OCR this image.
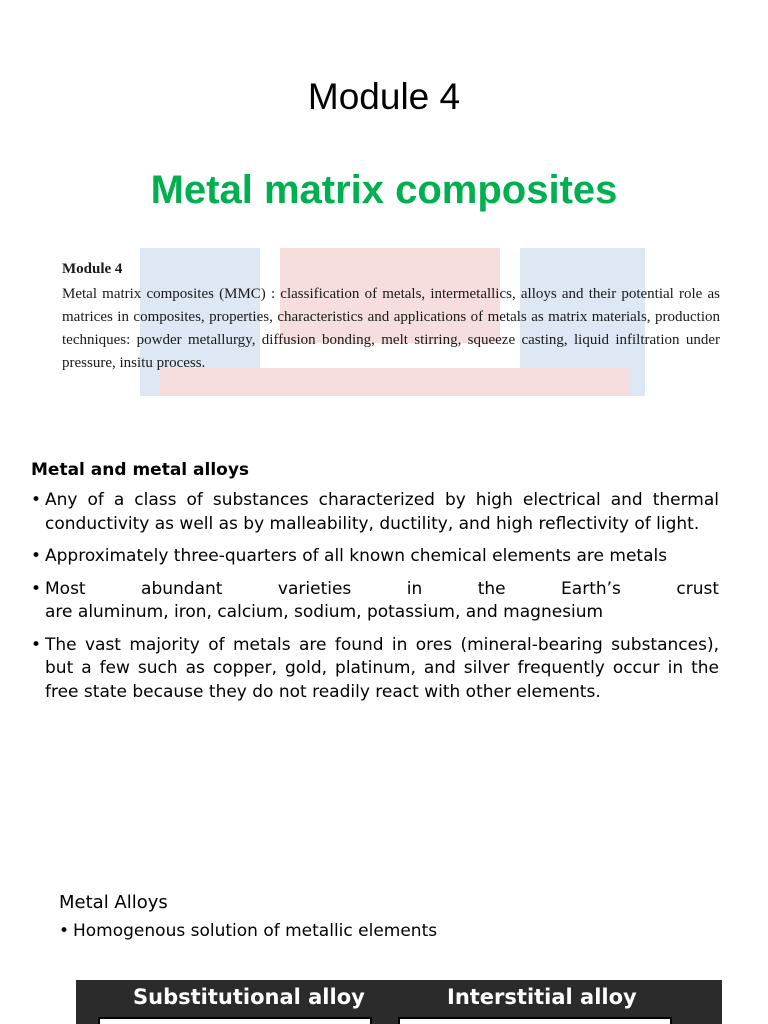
Module 4
Metal matrix composites
Module 4
Metal matrix composites (MMC) : classification of metals, intermetallics, alloys and their potential role as matrices in composites, properties, characteristics and applications of metals as matrix materials, production techniques: powder metallurgy, diffusion bonding, melt stirring, squeeze casting, liquid infiltration under pressure, insitu process.
Metal and metal alloys
• Any of a class of substances characterized by high electrical and thermal conductivity as well as by malleability, ductility, and high reflectivity of light.
• Approximately three-quarters of all known chemical elements are metals
• Most abundant varieties in the Earth’s crust
are aluminum, iron, calcium, sodium, potassium, and magnesium
• The vast majority of metals are found in ores (mineral-bearing substances), but a few such as copper, gold, platinum, and silver frequently occur in the free state because they do not readily react with other elements.
Metal Alloys
• Homogenous solution of metallic elements
Substitutional alloy	Interstitial alloy
